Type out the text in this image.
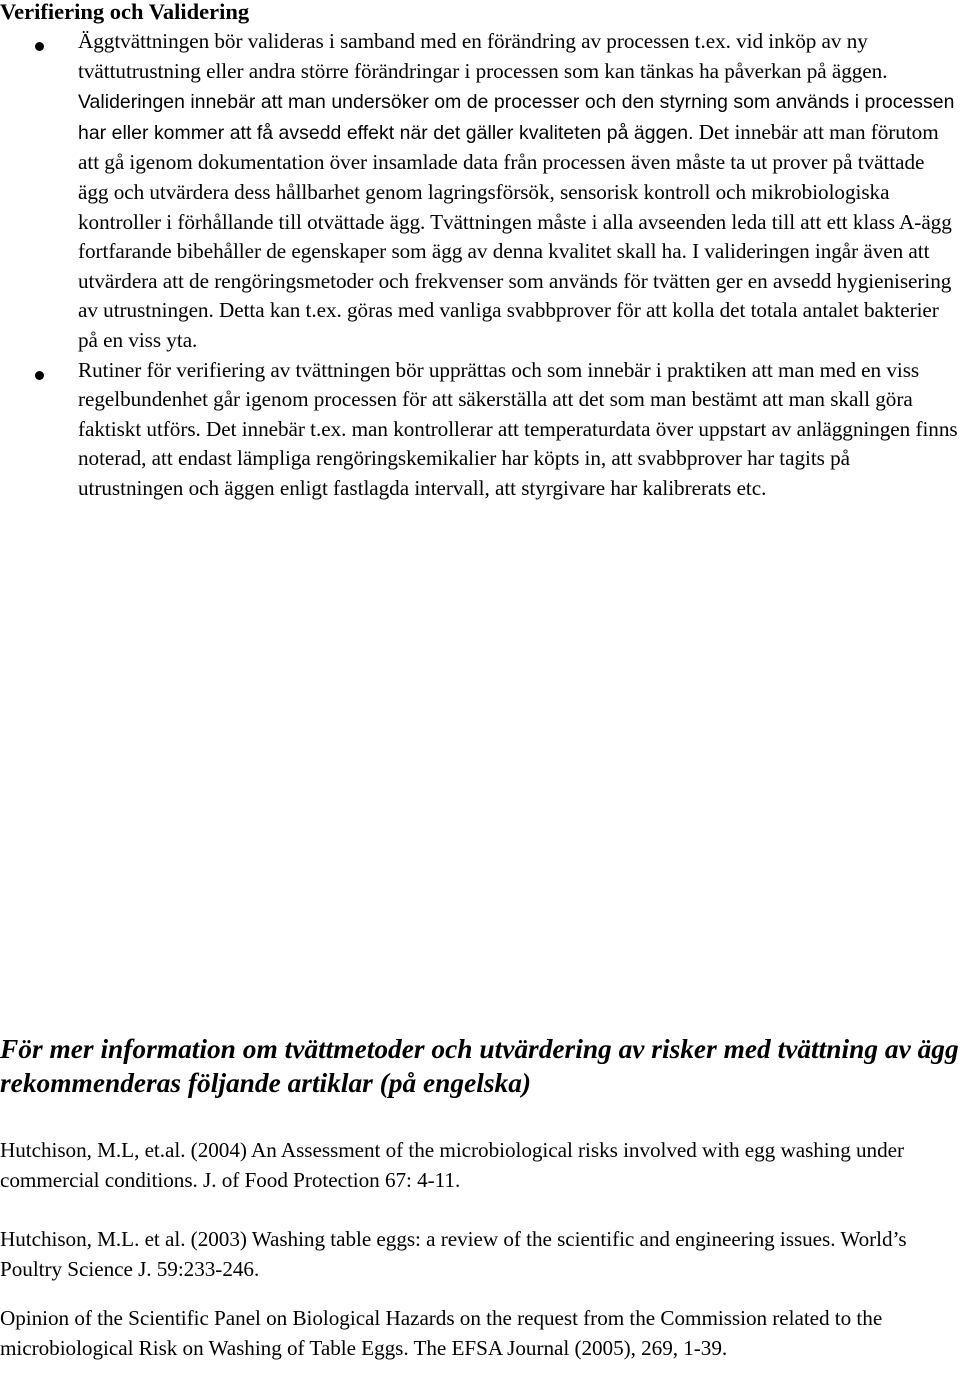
Verifiering och Validering
Äggtvättningen bör valideras i samband med en förändring av processen t.ex. vid inköp av ny tvättutrustning eller andra större förändringar i processen som kan tänkas ha påverkan på äggen. Valideringen innebär att man undersöker om de processer och den styrning som används i processen har eller kommer att få avsedd effekt när det gäller kvaliteten på äggen. Det innebär att man förutom att gå igenom dokumentation över insamlade data från processen även måste ta ut prover på tvättade ägg och utvärdera dess hållbarhet genom lagringsförsök, sensorisk kontroll och mikrobiologiska kontroller i förhållande till otvättade ägg. Tvättningen måste i alla avseenden leda till att ett klass A-ägg fortfarande bibehåller de egenskaper som ägg av denna kvalitet skall ha. I valideringen ingår även att utvärdera att de rengöringsmetoder och frekvenser som används för tvätten ger en avsedd hygienisering av utrustningen. Detta kan t.ex. göras med vanliga svabbprover för att kolla det totala antalet bakterier på en viss yta.
Rutiner för verifiering av tvättningen bör upprättas och som innebär i praktiken att man med en viss regelbundenhet går igenom processen för att säkerställa att det som man bestämt att man skall göra faktiskt utförs. Det innebär t.ex. man kontrollerar att temperaturdata över uppstart av anläggningen finns noterad, att endast lämpliga rengöringskemikalier har köpts in, att svabbprover har tagits på utrustningen och äggen enligt fastlagda intervall, att styrgivare har kalibrerats etc.
För mer information om tvättmetoder och utvärdering av risker med tvättning av ägg rekommenderas följande artiklar (på engelska)

Hutchison, M.L, et.al. (2004) An Assessment of the microbiological risks involved with egg washing under commercial conditions. J. of Food Protection 67: 4-11.

Hutchison, M.L. et al. (2003) Washing table eggs: a review of the scientific and engineering issues. World’s Poultry Science J. 59:233-246.

Opinion of the Scientific Panel on Biological Hazards on the request from the Commission related to the microbiological Risk on Washing of Table Eggs. The EFSA Journal (2005), 269, 1-39.
